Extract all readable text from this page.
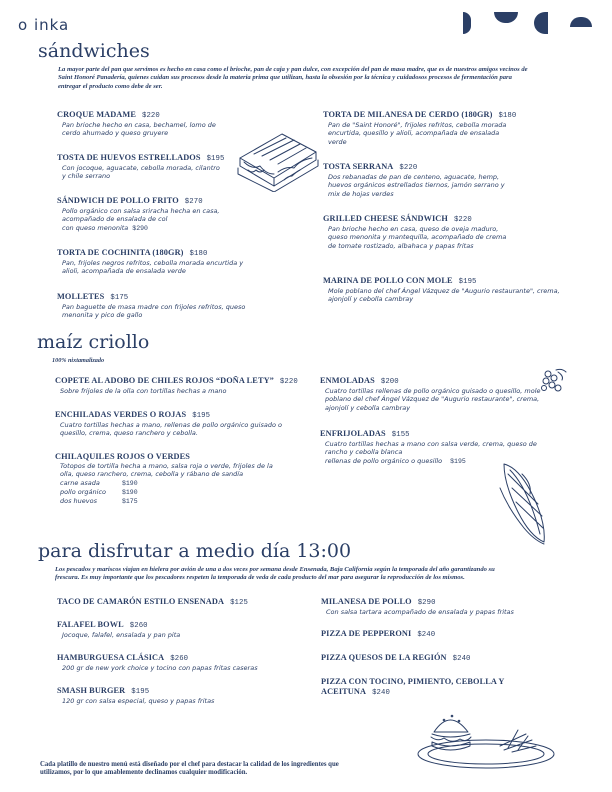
o inka
sándwiches
La mayor parte del pan que servimos es hecho en casa como el brioche, pan de caja y pan dulce, con excepción del pan de masa madre, que es de nuestros amigos vecinos de Saint Honoré Panadería, quienes cuidan sus procesos desde la materia prima que utilizan, hasta la obsesión por la técnica y cuidadosos procesos de fermentación para entregar el producto como debe de ser.
CROQUE MADAME $220
Pan brioche hecho en casa, bechamel, lomo de cerdo ahumado y queso gruyere
TOSTA DE HUEVOS ESTRELLADOS $195
Con jocoque, aguacate, cebolla morada, cilantro y chile serrano
SÁNDWICH DE POLLO FRITO $270
Pollo orgánico con salsa sriracha hecha en casa, acompañado de ensalada de col
con queso menonita $290
TORTA DE COCHINITA (180GR) $180
Pan, frijoles negros refritos, cebolla morada encurtida y alioli, acompañada de ensalada verde
MOLLETES $175
Pan baguette de masa madre con frijoles refritos, queso menonita y pico de gallo
TORTA DE MILANESA DE CERDO (180GR) $180
Pan de "Saint Honoré", frijoles refritos, cebolla morada encurtida, quesillo y alioli, acompañada de ensalada verde
TOSTA SERRANA $220
Dos rebanadas de pan de centeno, aguacate, hemp, huevos orgánicos estrellados tiernos, jamón serrano y mix de hojas verdes
GRILLED CHEESE SÁNDWICH $220
Pan brioche hecho en casa, queso de oveja maduro, queso menonita y mantequilla, acompañado de crema de tomate rostizado, albahaca y papas fritas
MARINA DE POLLO CON MOLE $195
Mole poblano del chef Ángel Vázquez de "Augurio restaurante", crema, ajonjolí y cebolla cambray
maíz criollo
100% nixtamalizado
COPETE AL ADOBO DE CHILES ROJOS “DOÑA LETY” $220
Sobre frijoles de la olla con tortillas hechas a mano
ENCHILADAS VERDES O ROJAS $195
Cuatro tortillas hechas a mano, rellenas de pollo orgánico guisado o quesillo, crema, queso ranchero y cebolla.
CHILAQUILES ROJOS O VERDES
Totopos de tortilla hecha a mano, salsa roja o verde, frijoles de la olla, queso ranchero, crema, cebolla y rábano de sandía
carne asada	$190
pollo orgánico $190
dos huevos	$175
ENMOLADAS $200
Cuatro tortillas rellenas de pollo orgánico guisado o quesillo, mole poblano del chef Ángel Vázquez de "Augurio restaurante", crema, ajonjolí y cebolla cambray
ENFRIJOLADAS $155
Cuatro tortillas hechas a mano con salsa verde, crema, queso de rancho y cebolla blanca
rellenas de pollo orgánico o quesillo $195
para disfrutar a medio día 13:00
Los pescados y mariscos viajan en hielera por avión de una a dos veces por semana desde Ensenada, Baja California según la temporada del año garantizando su frescura. Es muy importante que los pescadores respeten la temporada de veda de cada producto del mar para asegurar la reproducción de los mismos.
TACO DE CAMARÓN ESTILO ENSENADA $125
FALAFEL BOWL $260
Jocoque, falafel, ensalada y pan pita
HAMBURGUESA CLÁSICA $260
200 gr de new york choice y tocino con papas fritas caseras
SMASH BURGER $195
120 gr con salsa especial, queso y papas fritas
MILANESA DE POLLO $290
Con salsa tartara acompañado de ensalada y papas fritas
PIZZA DE PEPPERONI $240
PIZZA QUESOS DE LA REGIÓN $240
PIZZA CON TOCINO, PIMIENTO, CEBOLLA Y ACEITUNA $240
Cada platillo de nuestro menú está diseñado por el chef para destacar la calidad de los ingredientes que utilizamos, por lo que amablemente declinamos cualquier modificación.
